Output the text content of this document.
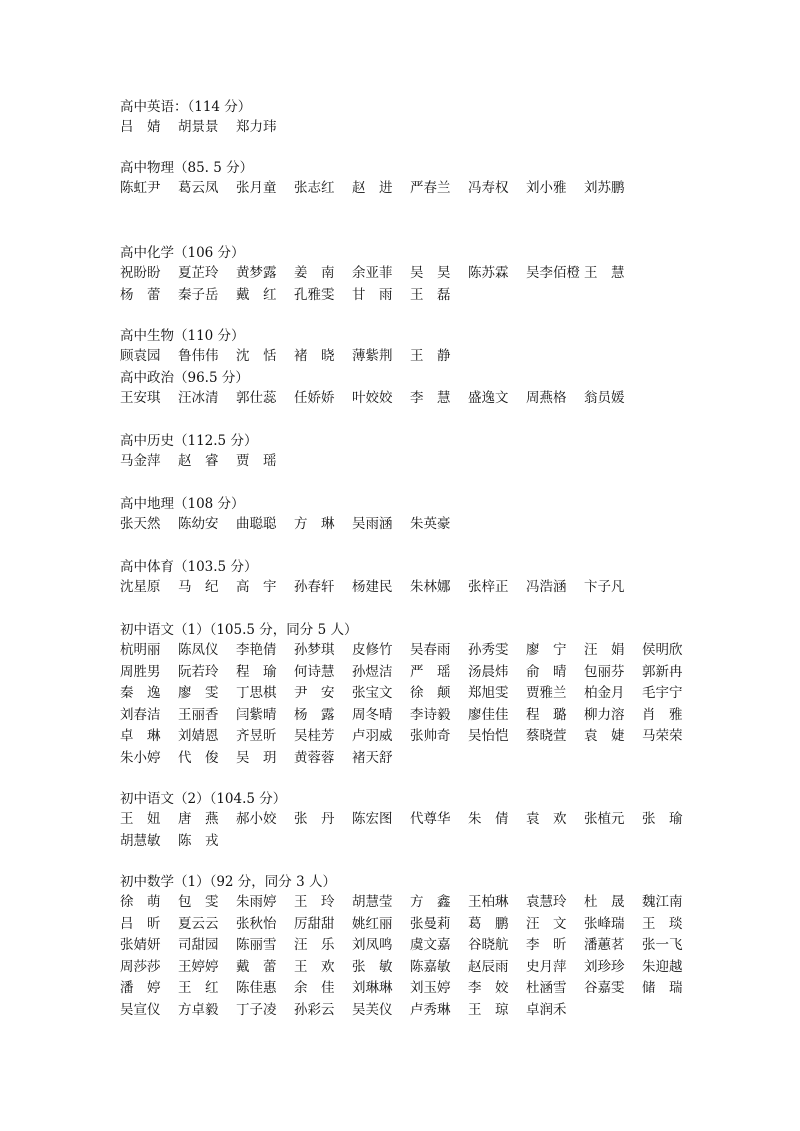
高中英语：（114 分）
吕　婧 胡景景 郑力玮
高中物理（85. 5 分）
陈虹尹 葛云凤 张月童 张志红 赵　进 严春兰 冯寿权 刘小雅 刘苏鹏
高中化学（106 分）
祝盼盼 夏芷玲 黄梦露 姜　南 余亚菲 吴　昊 陈苏霖 吴李佰橙 王　慧
杨　蕾 秦子岳 戴　红 孔雅雯 甘　雨 王　磊
高中生物（110 分）
顾袁园 鲁伟伟 沈　恬 褚　晓 薄紫荆 王　静
高中政治（96.5 分）
王安琪 汪冰清 郭仕蕊 任娇娇 叶姣姣 李　慧 盛逸文 周燕格 翁员媛
高中历史（112.5 分）
马金萍 赵　睿 贾　瑶
高中地理（108 分）
张天然 陈幼安 曲聪聪 方　琳 吴雨涵 朱英豪
高中体育（103.5 分）
沈星原 马　纪 高　宇 孙春轩 杨建民 朱林娜 张梓正 冯浩涵 卞子凡
初中语文（1）（105.5 分，同分 5 人）
杭明丽 陈凤仪 李艳倩 孙梦琪 皮修竹 吴春雨 孙秀雯 廖　宁 汪　娟 侯明欣
周胜男 阮若玲 程　瑜 何诗慧 孙煜洁 严　瑶 汤晨炜 俞　晴 包丽芬 郭新冉
秦　逸 廖　雯 丁思棋 尹　安 张宝文 徐　颠 郑旭雯 贾雅兰 柏金月 毛宇宁
刘春洁 王丽香 闫紫晴 杨　露 周冬晴 李诗毅 廖佳佳 程　璐 柳力溶 肖　雅
卓　琳 刘婧恩 齐昱昕 吴桂芳 卢羽威 张帅奇 吴怡恺 蔡晓萱 袁　婕 马荣荣
朱小婷 代　俊 吴　玥 黄蓉蓉 褚天舒
初中语文（2）（104.5 分）
王　妞 唐　燕 郝小姣 张　丹 陈宏图 代尊华 朱　倩 袁　欢 张植元 张　瑜
胡慧敏 陈　戎
初中数学（1）（92 分，同分 3 人）
徐　萌 包　雯 朱雨婷 王　玲 胡慧莹 方　鑫 王柏琳 袁慧玲 杜　晟 魏江南
吕　昕 夏云云 张秋怡 厉甜甜 姚红丽 张曼莉 葛　鹏 汪　文 张峰瑞 王　琰
张婧妍 司甜园 陈丽雪 汪　乐 刘凤鸣 虞文嘉 谷晓航 李　昕 潘蕙茗 张一飞
周莎莎 王婷婷 戴　蕾 王　欢 张　敏 陈嘉敏 赵辰雨 史月萍 刘珍珍 朱迎越
潘　婷 王　红 陈佳惠 余　佳 刘琳琳 刘玉婷 李　姣 杜涵雪 谷嘉雯 储　瑞
吴宣仪 方卓毅 丁子凌 孙彩云 吴芙仪 卢秀琳 王　琼 卓润禾
